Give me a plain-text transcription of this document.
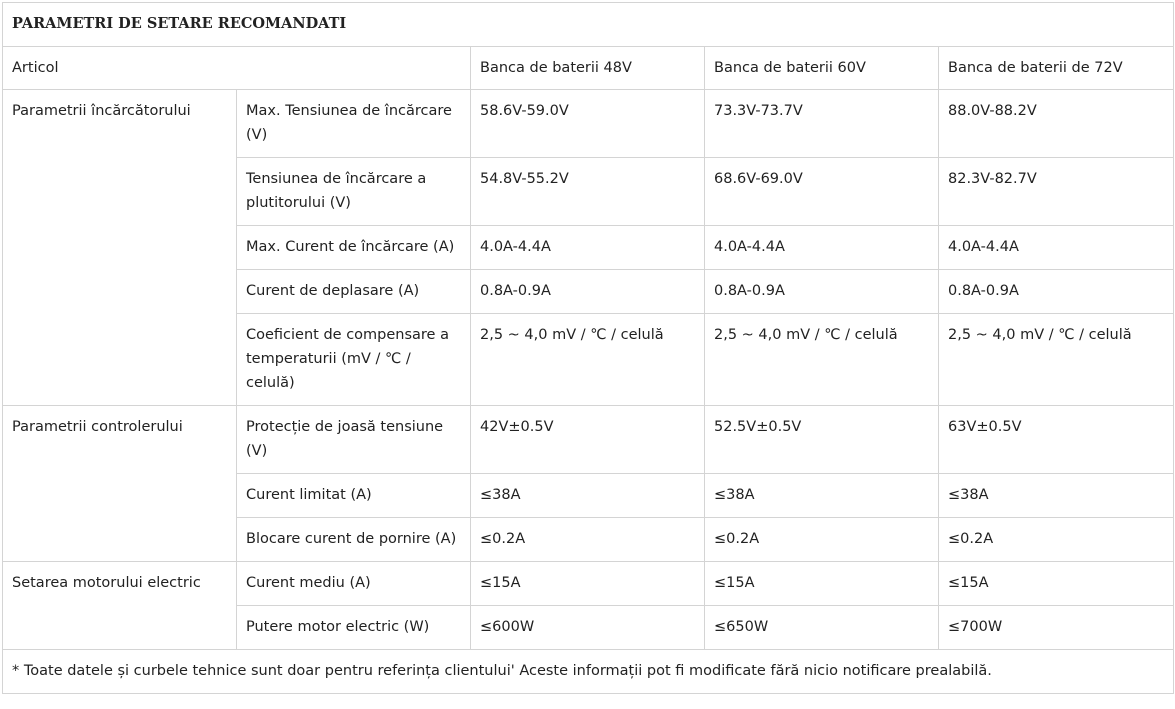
PARAMETRI DE SETARE RECOMANDATI				
Articol		Banca de baterii 48V	Banca de baterii 60V	Banca de baterii de 72V
Parametrii încărcătorului	Max. Tensiunea de încărcare (V)	58.6V-59.0V	73.3V-73.7V	88.0V-88.2V
	Tensiunea de încărcare a plutitorului (V)	54.8V-55.2V	68.6V-69.0V	82.3V-82.7V
	Max. Curent de încărcare (A)	4.0A-4.4A	4.0A-4.4A	4.0A-4.4A
	Curent de deplasare (A)	0.8A-0.9A	0.8A-0.9A	0.8A-0.9A
	Coeficient de compensare a temperaturii (mV / ℃ / celulă)	2,5 ~ 4,0 mV / ℃ / celulă	2,5 ~ 4,0 mV / ℃ / celulă	2,5 ~ 4,0 mV / ℃ / celulă
Parametrii controlerului	Protecție de joasă tensiune (V)	42V±0.5V	52.5V±0.5V	63V±0.5V
	Curent limitat (A)	≤38A	≤38A	≤38A
	Blocare curent de pornire (A)	≤0.2A	≤0.2A	≤0.2A
Setarea motorului electric	Curent mediu (A)	≤15A	≤15A	≤15A
	Putere motor electric (W)	≤600W	≤650W	≤700W
* Toate datele și curbele tehnice sunt doar pentru referința clientului' Aceste informații pot fi modificate fără nicio notificare prealabilă.				
